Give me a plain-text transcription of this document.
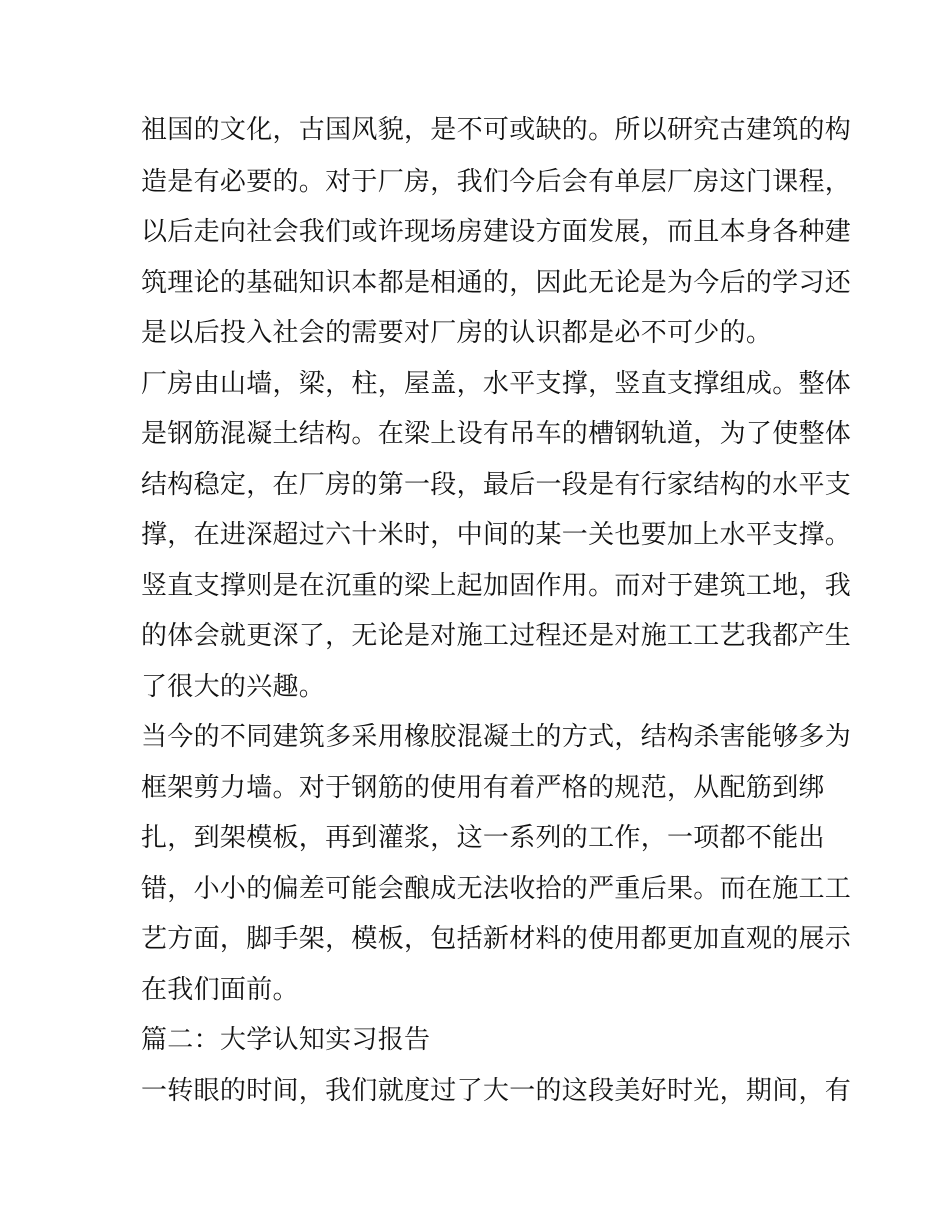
祖国的文化，古国风貌，是不可或缺的。所以研究古建筑的构
造是有必要的。对于厂房，我们今后会有单层厂房这门课程，
以后走向社会我们或许现场房建设方面发展，而且本身各种建
筑理论的基础知识本都是相通的，因此无论是为今后的学习还
是以后投入社会的需要对厂房的认识都是必不可少的。
厂房由山墙，梁，柱，屋盖，水平支撑，竖直支撑组成。整体
是钢筋混凝土结构。在梁上设有吊车的槽钢轨道，为了使整体
结构稳定，在厂房的第一段，最后一段是有行家结构的水平支
撑，在进深超过六十米时，中间的某一关也要加上水平支撑。
竖直支撑则是在沉重的梁上起加固作用。而对于建筑工地，我
的体会就更深了，无论是对施工过程还是对施工工艺我都产生
了很大的兴趣。
当今的不同建筑多采用橡胶混凝土的方式，结构杀害能够多为
框架剪力墙。对于钢筋的使用有着严格的规范，从配筋到绑
扎，到架模板，再到灌浆，这一系列的工作，一项都不能出
错，小小的偏差可能会酿成无法收拾的严重后果。而在施工工
艺方面，脚手架，模板，包括新材料的使用都更加直观的展示
在我们面前。
篇二：大学认知实习报告
一转眼的时间，我们就度过了大一的这段美好时光，期间，有
